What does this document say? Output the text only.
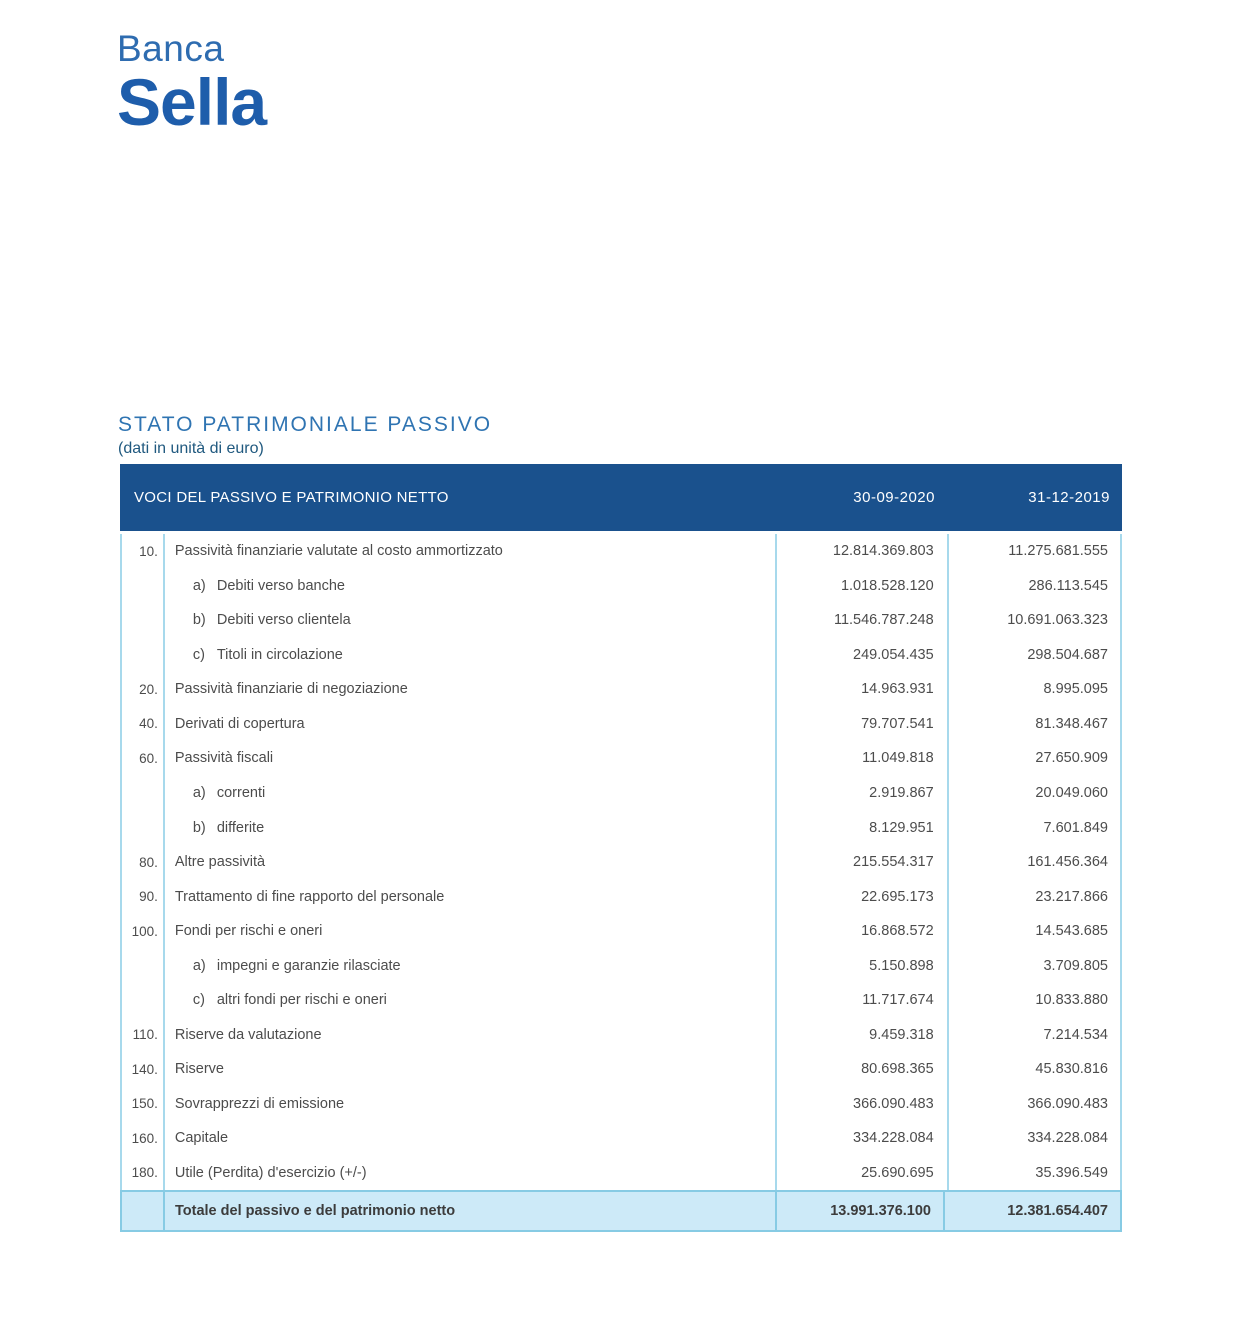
Banca
Sella
STATO PATRIMONIALE PASSIVO
(dati in unità di euro)
VOCI DEL PASSIVO E PATRIMONIO NETTO	30-09-2020	31-12-2019
10.	Passività finanziarie valutate al costo ammortizzato	12.814.369.803	11.275.681.555
a) Debiti verso banche	1.018.528.120	286.113.545
b) Debiti verso clientela	11.546.787.248	10.691.063.323
c) Titoli in circolazione	249.054.435	298.504.687
20.	Passività finanziarie di negoziazione	14.963.931	8.995.095
40.	Derivati di copertura	79.707.541	81.348.467
60.	Passività fiscali	11.049.818	27.650.909
a) correnti	2.919.867	20.049.060
b) differite	8.129.951	7.601.849
80.	Altre passività	215.554.317	161.456.364
90.	Trattamento di fine rapporto del personale	22.695.173	23.217.866
100.	Fondi per rischi e oneri	16.868.572	14.543.685
a) impegni e garanzie rilasciate	5.150.898	3.709.805
c) altri fondi per rischi e oneri	11.717.674	10.833.880
110.	Riserve da valutazione	9.459.318	7.214.534
140.	Riserve	80.698.365	45.830.816
150.	Sovrapprezzi di emissione	366.090.483	366.090.483
160.	Capitale	334.228.084	334.228.084
180.	Utile (Perdita) d'esercizio (+/-)	25.690.695	35.396.549
Totale del passivo e del patrimonio netto	13.991.376.100	12.381.654.407
